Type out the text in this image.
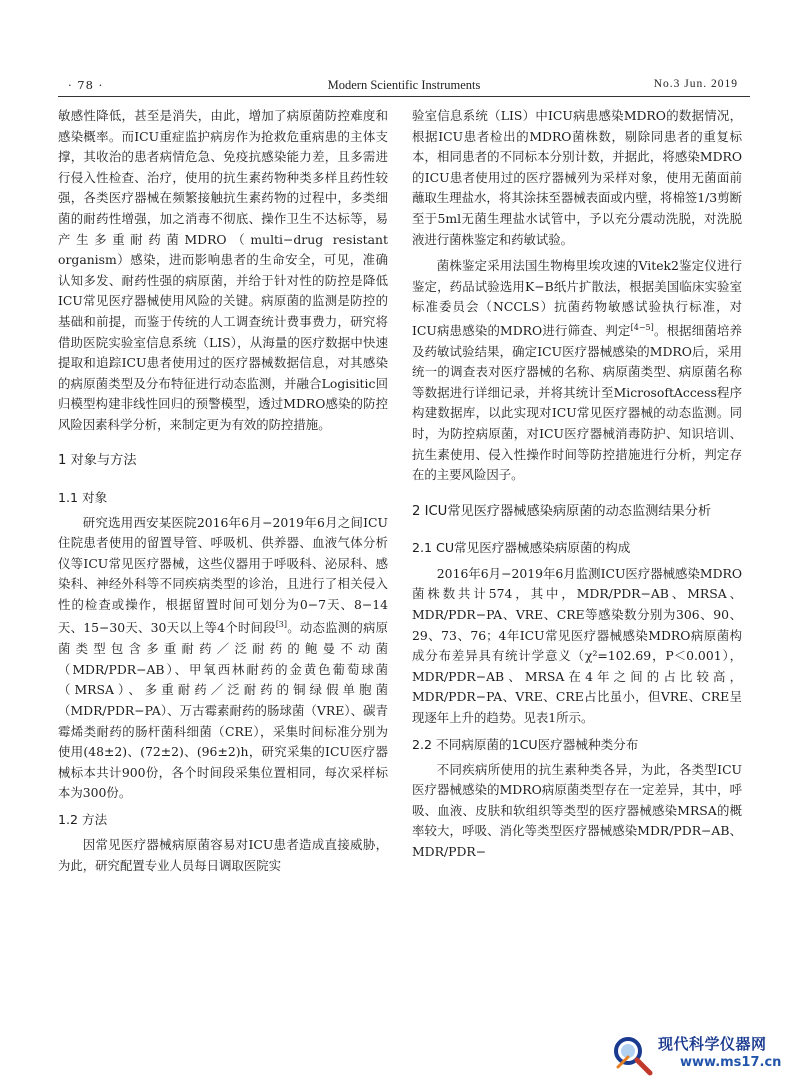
· 78 ·	Modern Scientific Instruments	No.3 Jun. 2019

敏感性降低，甚至是消失，由此，增加了病原菌防控难度和感染概率。而ICU重症监护病房作为抢救危重病患的主体支撑，其收治的患者病情危急、免疫抗感染能力差，且多需进行侵入性检查、治疗，使用的抗生素药物种类多样且药性较强，各类医疗器械在频繁接触抗生素药物的过程中，多类细菌的耐药性增强，加之消毒不彻底、操作卫生不达标等，易产生多重耐药菌MDRO（multi−drug resistant organism）感染，进而影响患者的生命安全，可见，准确认知多发、耐药性强的病原菌，并给于针对性的防控是降低ICU常见医疗器械使用风险的关键。病原菌的监测是防控的基础和前提，而鉴于传统的人工调查统计费事费力，研究将借助医院实验室信息系统（LIS），从海量的医疗数据中快速提取和追踪ICU患者使用过的医疗器械数据信息，对其感染的病原菌类型及分布特征进行动态监测，并融合Logisitic回归模型构建非线性回归的预警模型，透过MDRO感染的防控风险因素科学分析，来制定更为有效的防控措施。

1 对象与方法

1.1 对象

研究选用西安某医院2016年6月−2019年6月之间ICU住院患者使用的留置导管、呼吸机、供养器、血液气体分析仪等ICU常见医疗器械，这些仪器用于呼吸科、泌尿科、感染科、神经外科等不同疾病类型的诊治，且进行了相关侵入性的检查或操作，根据留置时间可划分为0−7天、8−14天、15−30天、30天以上等4个时间段[3]。动态监测的病原菌类型包含多重耐药／泛耐药的鲍曼不动菌（MDR/PDR−AB）、甲氧西林耐药的金黄色葡萄球菌（MRSA）、多重耐药／泛耐药的铜绿假单胞菌（MDR/PDR−PA）、万古霉素耐药的肠球菌（VRE）、碳青霉烯类耐药的肠杆菌科细菌（CRE），采集时间标准分别为使用(48±2)、(72±2)、(96±2)h，研究采集的ICU医疗器械标本共计900份，各个时间段采集位置相同，每次采样标本为300份。

1.2 方法

因常见医疗器械病原菌容易对ICU患者造成直接威胁，为此，研究配置专业人员每日调取医院实

验室信息系统（LIS）中ICU病患感染MDRO的数据情况，根据ICU患者检出的MDRO菌株数，剔除同患者的重复标本，相同患者的不同标本分别计数，并据此，将感染MDRO的ICU患者使用过的医疗器械列为采样对象，使用无菌面前蘸取生理盐水，将其涂抹至器械表面或内壁，将棉签1/3剪断至于5ml无菌生理盐水试管中，予以充分震动洗脱，对洗脱液进行菌株鉴定和药敏试验。

菌株鉴定采用法国生物梅里埃攻速的Vitek2鉴定仪进行鉴定，药品试验选用K−B纸片扩散法，根据美国临床实验室标准委员会（NCCLS）抗菌药物敏感试验执行标准，对ICU病患感染的MDRO进行筛查、判定[4−5]。根据细菌培养及药敏试验结果，确定ICU医疗器械感染的MDRO后，采用统一的调查表对医疗器械的名称、病原菌类型、病原菌名称等数据进行详细记录，并将其统计至MicrosoftAccess程序构建数据库，以此实现对ICU常见医疗器械的动态监测。同时，为防控病原菌，对ICU医疗器械消毒防护、知识培训、抗生素使用、侵入性操作时间等防控措施进行分析，判定存在的主要风险因子。

2 ICU常见医疗器械感染病原菌的动态监测结果分析

2.1 CU常见医疗器械感染病原菌的构成

2016年6月−2019年6月监测ICU医疗器械感染MDRO菌株数共计574，其中，MDR/PDR−AB、MRSA、MDR/PDR−PA、VRE、CRE等感染数分别为306、90、29、73、76；4年ICU常见医疗器械感染MDRO病原菌构成分布差异具有统计学意义（χ²=102.69，P＜0.001），MDR/PDR−AB、MRSA在4年之间的占比较高，MDR/PDR−PA、VRE、CRE占比虽小，但VRE、CRE呈现逐年上升的趋势。见表1所示。

2.2 不同病原菌的1CU医疗器械种类分布

不同疾病所使用的抗生素种类各异，为此，各类型ICU医疗器械感染的MDRO病原菌类型存在一定差异，其中，呼吸、血液、皮肤和软组织等类型的医疗器械感染MRSA的概率较大，呼吸、消化等类型医疗器械感染MDR/PDR−AB、MDR/PDR−

现代科学仪器网
www.ms17.cn
